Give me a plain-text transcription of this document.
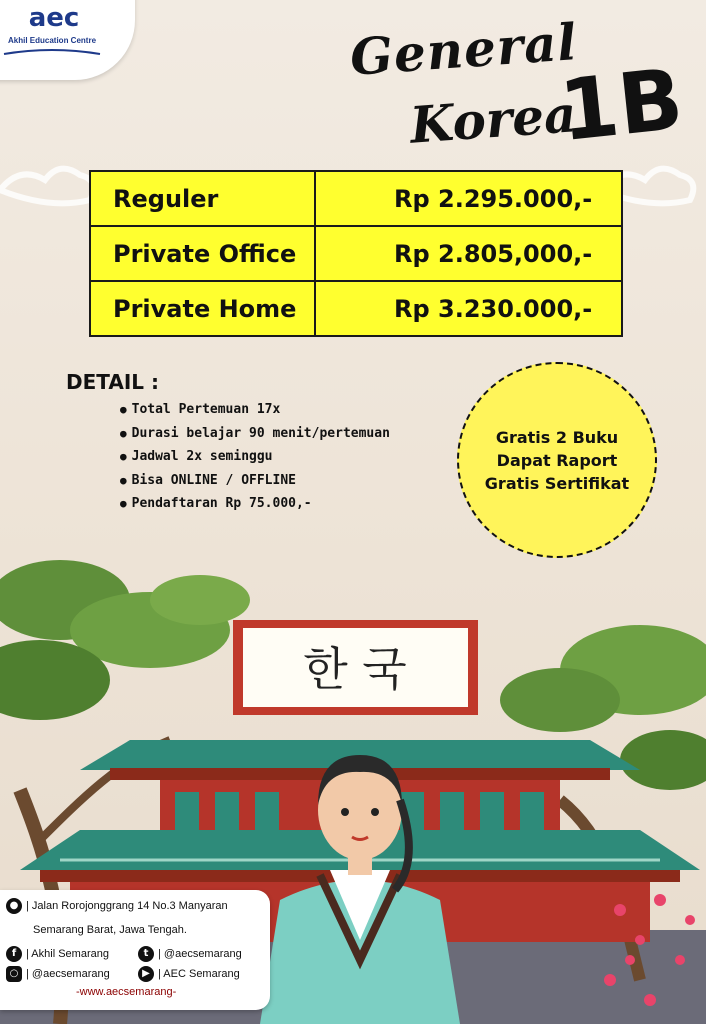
aec
Akhil Education Centre	General
Korea
1B
Reguler	Rp 2.295.000,-
Private Office	Rp 2.805,000,-
Private Home	Rp 3.230.000,-
DETAIL :
● Total Pertemuan 17x
● Durasi belajar 90 menit/pertemuan
● Jadwal 2x seminggu
● Bisa ONLINE / OFFLINE
● Pendaftaran Rp 75.000,-
Gratis 2 Buku
Dapat Raport
Gratis Sertifikat
한 국
● | Jalan Rorojonggrang 14 No.3 Manyaran
Semarang Barat, Jawa Tengah.
f | Akhil Semarang	t | @aecsemarang
○ | @aecsemarang	▶ | AEC Semarang
-www.aecsemarang-
